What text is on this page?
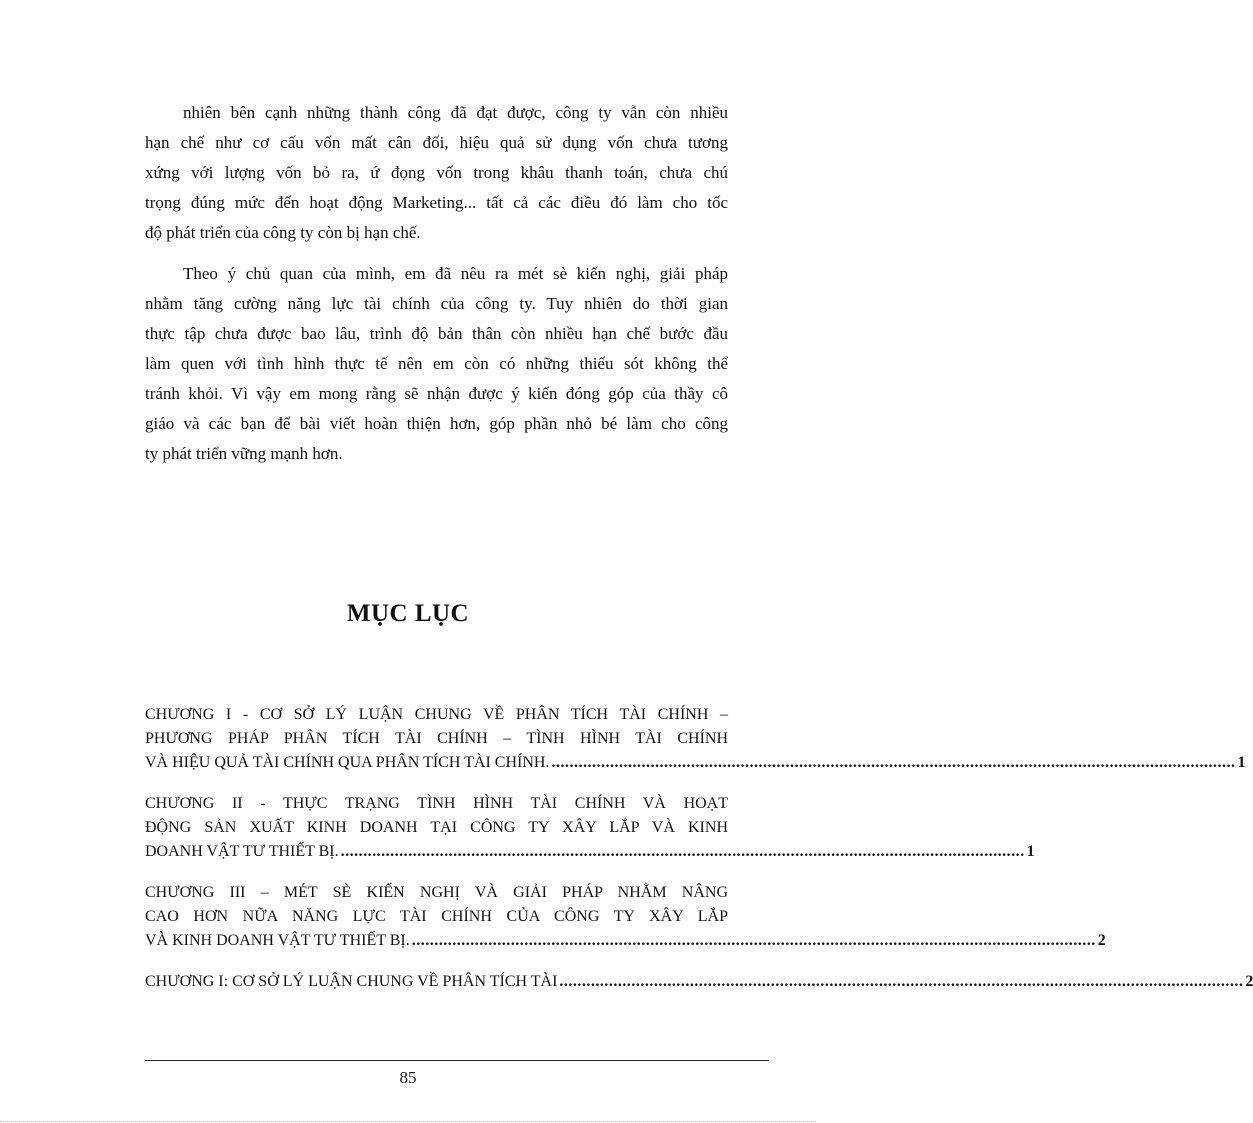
nhiên bên cạnh những thành công đã đạt được, công ty vẫn còn nhiều
hạn chế như cơ cấu vốn mất cân đối, hiệu quả sử dụng vốn chưa tương
xứng với lượng vốn bỏ ra, ứ đọng vốn trong khâu thanh toán, chưa chú
trọng đúng mức đến hoạt động Marketing... tất cả các điều đó làm cho tốc
độ phát triển của công ty còn bị hạn chế.

Theo ý chủ quan của mình, em đã nêu ra mét sè kiến nghị, giải pháp
nhằm tăng cường năng lực tài chính của công ty. Tuy nhiên do thời gian
thực tập chưa được bao lâu, trình độ bản thân còn nhiều hạn chế bước đầu
làm quen với tình hình thực tế nên em còn có những thiếu sót không thể
tránh khỏi. Vì vậy em mong rằng sẽ nhận được ý kiến đóng góp của thầy cô
giáo và các bạn để bài viết hoàn thiện hơn, góp phần nhỏ bé làm cho công
ty phát triển vững mạnh hơn.

MỤC LỤC
CHƯƠNG I - CƠ SỞ LÝ LUẬN CHUNG VỀ PHÂN TÍCH TÀI CHÍNH –
PHƯƠNG PHÁP PHÂN TÍCH TÀI CHÍNH – TÌNH HÌNH TÀI CHÍNH
VÀ HIỆU QUẢ TÀI CHÍNH QUA PHÂN TÍCH TÀI CHÍNH. ........................................................................................................................................................ 1
CHƯƠNG II - THỰC TRẠNG TÌNH HÌNH TÀI CHÍNH VÀ HOẠT
ĐỘNG SẢN XUẤT KINH DOANH TẠI CÔNG TY XÂY LẮP VÀ KINH
DOANH VẬT TƯ THIẾT BỊ. ........................................................................................................................................................ 1
CHƯƠNG III – MÉT SÈ KIẾN NGHỊ VÀ GIẢI PHÁP NHẰM NÂNG
CAO HƠN NỮA NĂNG LỰC TÀI CHÍNH CỦA CÔNG TY XÂY LẮP
VÀ KINH DOANH VẬT TƯ THIẾT BỊ. ........................................................................................................................................................ 2
CHƯƠNG I: CƠ SỞ LÝ LUẬN CHUNG VỀ PHÂN TÍCH TÀI ........................................................................................................................................................ 2
85
